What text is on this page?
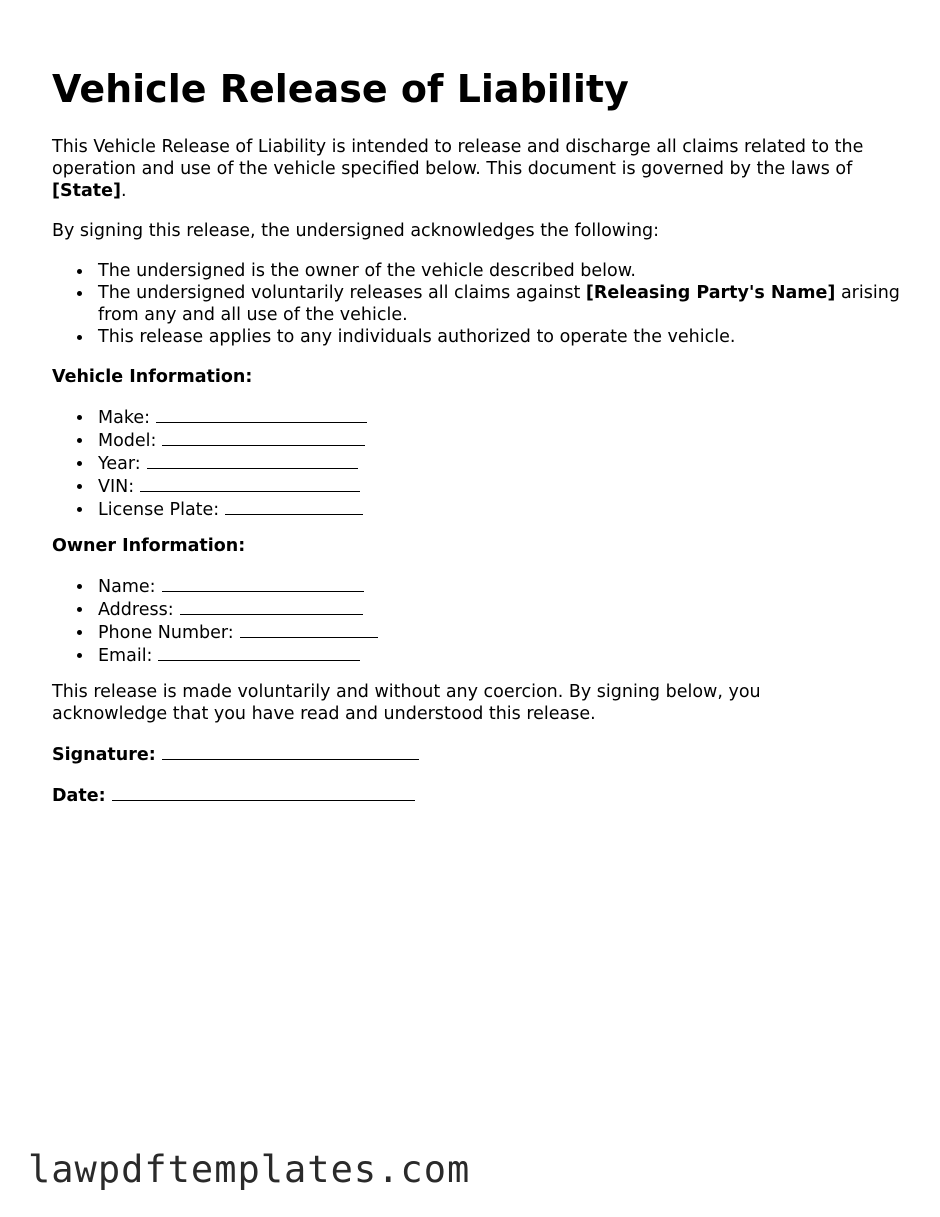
Vehicle Release of Liability

This Vehicle Release of Liability is intended to release and discharge all claims related to the operation and use of the vehicle specified below. This document is governed by the laws of [State].

By signing this release, the undersigned acknowledges the following:

The undersigned is the owner of the vehicle described below.
The undersigned voluntarily releases all claims against [Releasing Party's Name] arising from any and all use of the vehicle.
This release applies to any individuals authorized to operate the vehicle.

Vehicle Information:

Make:
Model:
Year:
VIN:
License Plate:

Owner Information:

Name:
Address:
Phone Number:
Email:

This release is made voluntarily and without any coercion. By signing below, you acknowledge that you have read and understood this release.

Signature:

Date:

lawpdftemplates.com
